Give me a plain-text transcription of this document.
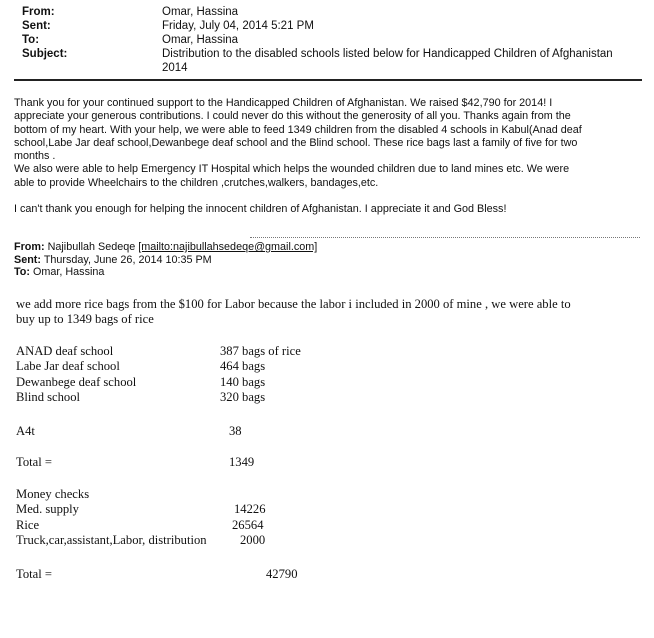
From:	Omar, Hassina
Sent:	Friday, July 04, 2014 5:21 PM
To:	Omar, Hassina
Subject:	Distribution to the disabled schools listed below for Handicapped Children of Afghanistan
2014

Thank you for your continued support to the Handicapped Children of Afghanistan. We raised $42,790 for 2014! I

appreciate your generous contributions. I could never do this without the generosity of all you. Thanks again from the

bottom of my heart. With your help, we were able to feed 1349 children from the disabled 4 schools in Kabul(Anad deaf

school,Labe Jar deaf school,Dewanbege deaf school and the Blind school. These rice bags last a family of five for two

months .

We also were able to help Emergency IT Hospital which helps the wounded children due to land mines etc. We were

able to provide Wheelchairs to the children ,crutches,walkers, bandages,etc.

I can't thank you enough for helping the innocent children of Afghanistan. I appreciate it and God Bless!

From: Najibullah Sedeqe [mailto:najibullahsedeqe@gmail.com]
Sent: Thursday, June 26, 2014 10:35 PM
To: Omar, Hassina
we add more rice bags from the $100 for Labor because the labor i included in 2000 of mine , we were able to
buy up to 1349 bags of rice
ANAD deaf school	387 bags of rice
Labe Jar deaf school	464 bags
Dewanbege deaf school	140 bags
Blind school	320 bags
A4t	38
Total =	1349
Money checks
Med. supply	14226
Rice	26564
Truck,car,assistant,Labor, distribution	2000
Total =	42790
